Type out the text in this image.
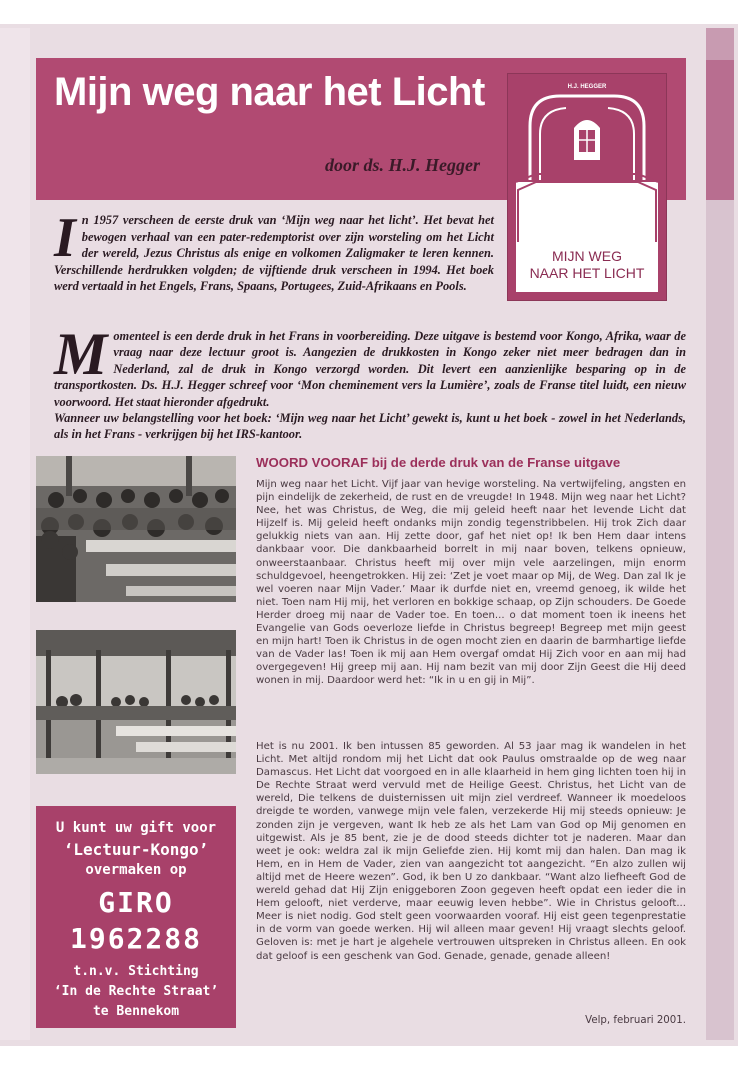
Mijn weg naar het Licht
door ds. H.J. Hegger
H.J. HEGGER
MIJN WEG
NAAR HET LICHT
In 1957 verscheen de eerste druk van ‘Mijn weg naar het licht’. Het bevat het bewogen verhaal van een pater-redemptorist over zijn worsteling om het Licht der wereld, Jezus Christus als enige en volkomen Zaligmaker te leren kennen. Verschillende herdrukken volgden; de vijftiende druk verscheen in 1994. Het boek werd vertaald in het Engels, Frans, Spaans, Portugees, Zuid-Afrikaans en Pools.
Momenteel is een derde druk in het Frans in voorbereiding. Deze uitgave is bestemd voor Kongo, Afrika, waar de vraag naar deze lectuur groot is. Aangezien de drukkosten in Kongo zeker niet meer bedragen dan in Nederland, zal de druk in Kongo verzorgd worden. Dit levert een aanzienlijke besparing op in de transportkosten. Ds. H.J. Hegger schreef voor ‘Mon cheminement vers la Lumière’, zoals de Franse titel luidt, een nieuw voorwoord. Het staat hieronder afgedrukt.
Wanneer uw belangstelling voor het boek: ‘Mijn weg naar het Licht’ gewekt is, kunt u het boek - zowel in het Nederlands, als in het Frans - verkrijgen bij het IRS-kantoor.
U kunt uw gift voor
‘Lectuur-Kongo’
overmaken op
GIRO
1962288
t.n.v. Stichting
‘In de Rechte Straat’
te Bennekom
WOORD VOORAF bij de derde druk van de Franse uitgave
Mijn weg naar het Licht. Vijf jaar van hevige worsteling. Na vertwijfeling, angsten en pijn eindelijk de zekerheid, de rust en de vreugde! In 1948. Mijn weg naar het Licht? Nee, het was Christus, de Weg, die mij geleid heeft naar het levende Licht dat Hijzelf is. Mij geleid heeft ondanks mijn zondig tegenstribbelen. Hij trok Zich daar gelukkig niets van aan. Hij zette door, gaf het niet op! Ik ben Hem daar intens dankbaar voor. Die dankbaarheid borrelt in mij naar boven, telkens opnieuw, onweerstaanbaar. Christus heeft mij over mijn vele aarzelingen, mijn enorm schuldgevoel, heengetrokken. Hij zei: ‘Zet je voet maar op Mij, de Weg. Dan zal Ik je wel voeren naar Mijn Vader.’ Maar ik durfde niet en, vreemd genoeg, ik wilde het niet. Toen nam Hij mij, het verloren en bokkige schaap, op Zijn schouders. De Goede Herder droeg mij naar de Vader toe. En toen... o dat moment toen ik ineens het Evangelie van Gods oeverloze liefde in Christus begreep! Begreep met mijn geest en mijn hart! Toen ik Christus in de ogen mocht zien en daarin de barmhartige liefde van de Vader las! Toen ik mij aan Hem overgaf omdat Hij Zich voor en aan mij had overgegeven! Hij greep mij aan. Hij nam bezit van mij door Zijn Geest die Hij deed wonen in mij. Daardoor werd het: “Ik in u en gij in Mij”.
Het is nu 2001. Ik ben intussen 85 geworden. Al 53 jaar mag ik wandelen in het Licht. Met altijd rondom mij het Licht dat ook Paulus omstraalde op de weg naar Damascus. Het Licht dat voorgoed en in alle klaarheid in hem ging lichten toen hij in De Rechte Straat werd vervuld met de Heilige Geest. Christus, het Licht van de wereld, Die telkens de duisternissen uit mijn ziel verdreef. Wanneer ik moedeloos dreigde te worden, vanwege mijn vele falen, verzekerde Hij mij steeds opnieuw: Je zonden zijn je vergeven, want Ik heb ze als het Lam van God op Mij genomen en uitgewist. Als je 85 bent, zie je de dood steeds dichter tot je naderen. Maar dan weet je ook: weldra zal ik mijn Geliefde zien. Hij komt mij dan halen. Dan mag ik Hem, en in Hem de Vader, zien van aangezicht tot aangezicht. “En alzo zullen wij altijd met de Heere wezen”. God, ik ben U zo dankbaar. “Want alzo liefheeft God de wereld gehad dat Hij Zijn eniggeboren Zoon gegeven heeft opdat een ieder die in Hem gelooft, niet verderve, maar eeuwig leven hebbe”. Wie in Christus gelooft... Meer is niet nodig. God stelt geen voorwaarden vooraf. Hij eist geen tegenprestatie in de vorm van goede werken. Hij wil alleen maar geven! Hij vraagt slechts geloof. Geloven is: met je hart je algehele vertrouwen uitspreken in Christus alleen. En ook dat geloof is een geschenk van God. Genade, genade, genade alleen!
Velp, februari 2001.
